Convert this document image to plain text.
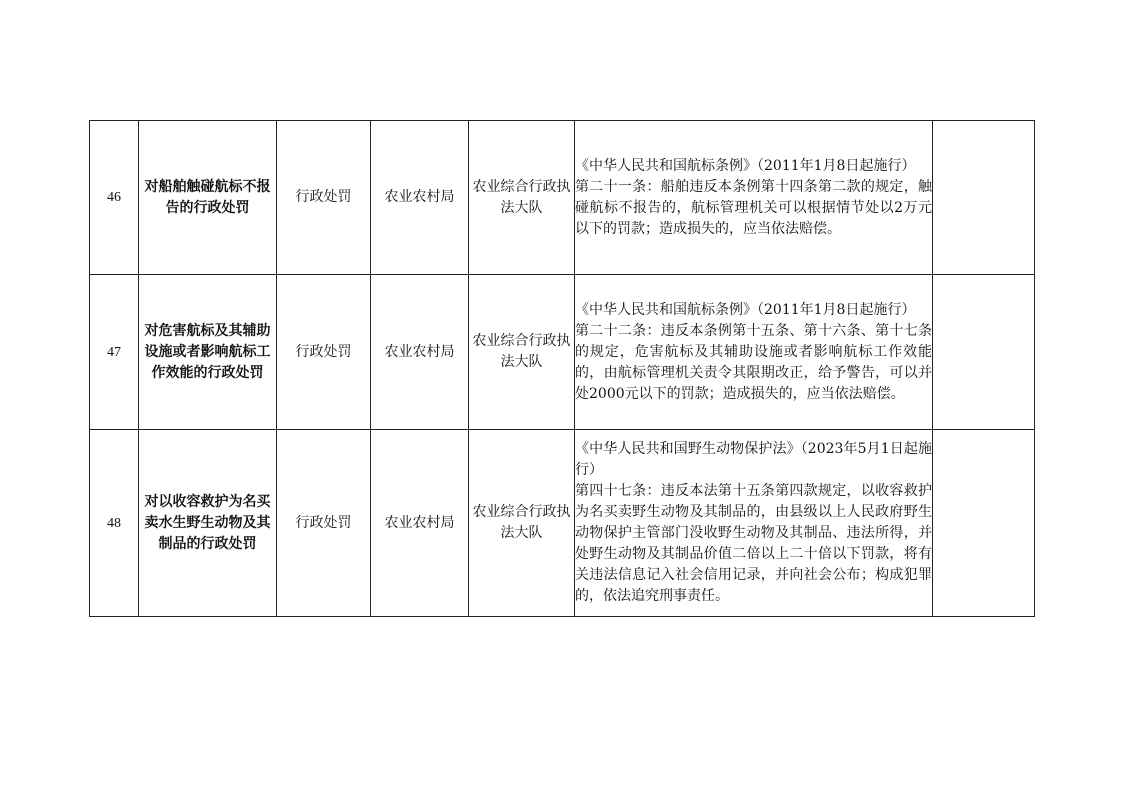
46	对船舶触碰航标不报告的行政处罚	行政处罚	农业农村局	农业综合行政执法大队	《中华人民共和国航标条例》（2011年1月8日起施行）
第二十一条：船舶违反本条例第十四条第二款的规定，触碰航标不报告的，航标管理机关可以根据情节处以2万元以下的罚款；造成损失的，应当依法赔偿。	

47	对危害航标及其辅助设施或者影响航标工作效能的行政处罚	行政处罚	农业农村局	农业综合行政执法大队	《中华人民共和国航标条例》（2011年1月8日起施行）
第二十二条：违反本条例第十五条、第十六条、第十七条的规定，危害航标及其辅助设施或者影响航标工作效能的，由航标管理机关责令其限期改正，给予警告，可以并处2000元以下的罚款；造成损失的，应当依法赔偿。	

48	对以收容救护为名买卖水生野生动物及其制品的行政处罚	行政处罚	农业农村局	农业综合行政执法大队	《中华人民共和国野生动物保护法》（2023年5月1日起施行）
第四十七条：违反本法第十五条第四款规定，以收容救护为名买卖野生动物及其制品的，由县级以上人民政府野生动物保护主管部门没收野生动物及其制品、违法所得，并处野生动物及其制品价值二倍以上二十倍以下罚款，将有关违法信息记入社会信用记录，并向社会公布；构成犯罪的，依法追究刑事责任。	
